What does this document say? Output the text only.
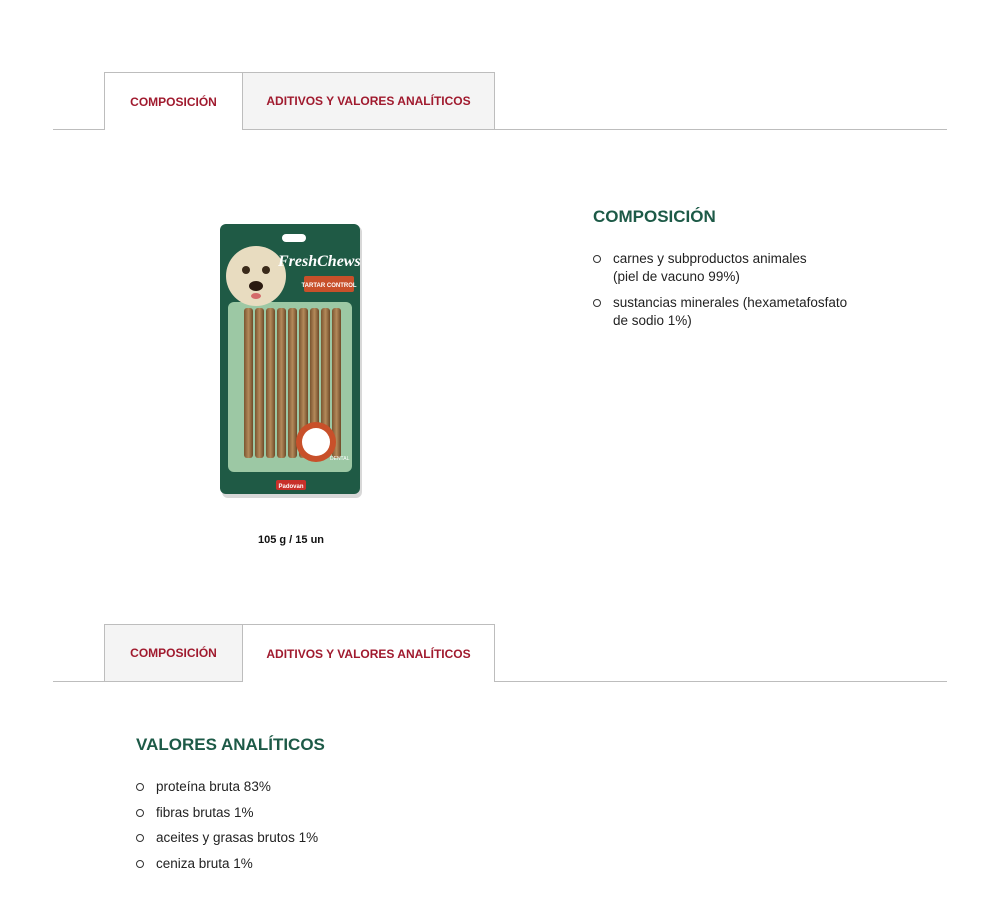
COMPOSICIÓN	ADITIVOS Y VALORES ANALÍTICOS
FreshChews
TARTAR CONTROL
DENTAL
Padovan
105 g / 15 un
COMPOSICIÓN
carnes y subproductos animales
(piel de vacuno 99%)
sustancias minerales (hexametafosfato
de sodio 1%)
COMPOSICIÓN	ADITIVOS Y VALORES ANALÍTICOS
VALORES ANALÍTICOS
proteína bruta 83%
fibras brutas 1%
aceites y grasas brutos 1%
ceniza bruta 1%
